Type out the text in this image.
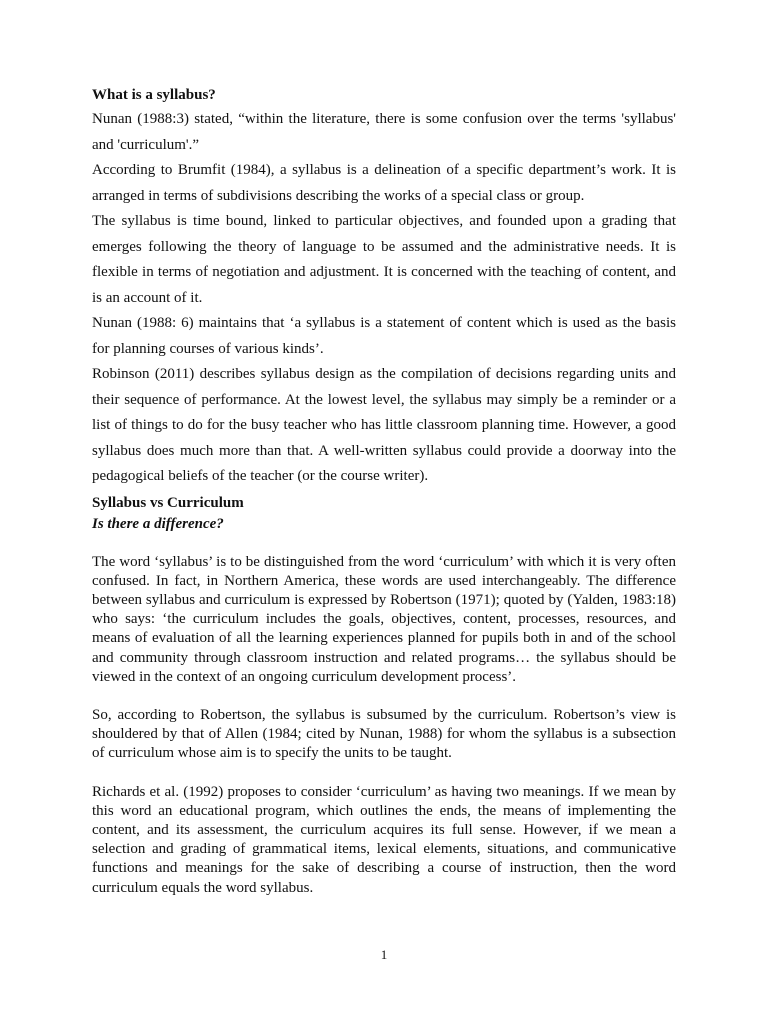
What is a syllabus?

Nunan (1988:3) stated, “within the literature, there is some confusion over the terms 'syllabus' and 'curriculum'.”

According to Brumfit (1984), a syllabus is a delineation of a specific department’s work. It is arranged in terms of subdivisions describing the works of a special class or group.

The syllabus is time bound, linked to particular objectives, and founded upon a grading that emerges following the theory of language to be assumed and the administrative needs. It is flexible in terms of negotiation and adjustment. It is concerned with the teaching of content, and is an account of it.

Nunan (1988: 6) maintains that ‘a syllabus is a statement of content which is used as the basis for planning courses of various kinds’.

Robinson (2011) describes syllabus design as the compilation of decisions regarding units and their sequence of performance. At the lowest level, the syllabus may simply be a reminder or a list of things to do for the busy teacher who has little classroom planning time. However, a good syllabus does much more than that. A well-written syllabus could provide a doorway into the pedagogical beliefs of the teacher (or the course writer).

Syllabus vs Curriculum
Is there a difference?

The word ‘syllabus’ is to be distinguished from the word ‘curriculum’ with which it is very often confused. In fact, in Northern America, these words are used interchangeably. The difference between syllabus and curriculum is expressed by Robertson (1971); quoted by (Yalden, 1983:18) who says: ‘the curriculum includes the goals, objectives, content, processes, resources, and means of evaluation of all the learning experiences planned for pupils both in and of the school and community through classroom instruction and related programs… the syllabus should be viewed in the context of an ongoing curriculum development process’.

So, according to Robertson, the syllabus is subsumed by the curriculum. Robertson’s view is shouldered by that of Allen (1984; cited by Nunan, 1988) for whom the syllabus is a subsection of curriculum whose aim is to specify the units to be taught.

Richards et al. (1992) proposes to consider ‘curriculum’ as having two meanings. If we mean by this word an educational program, which outlines the ends, the means of implementing the content, and its assessment, the curriculum acquires its full sense. However, if we mean a selection and grading of grammatical items, lexical elements, situations, and communicative functions and meanings for the sake of describing a course of instruction, then the word curriculum equals the word syllabus.

1
